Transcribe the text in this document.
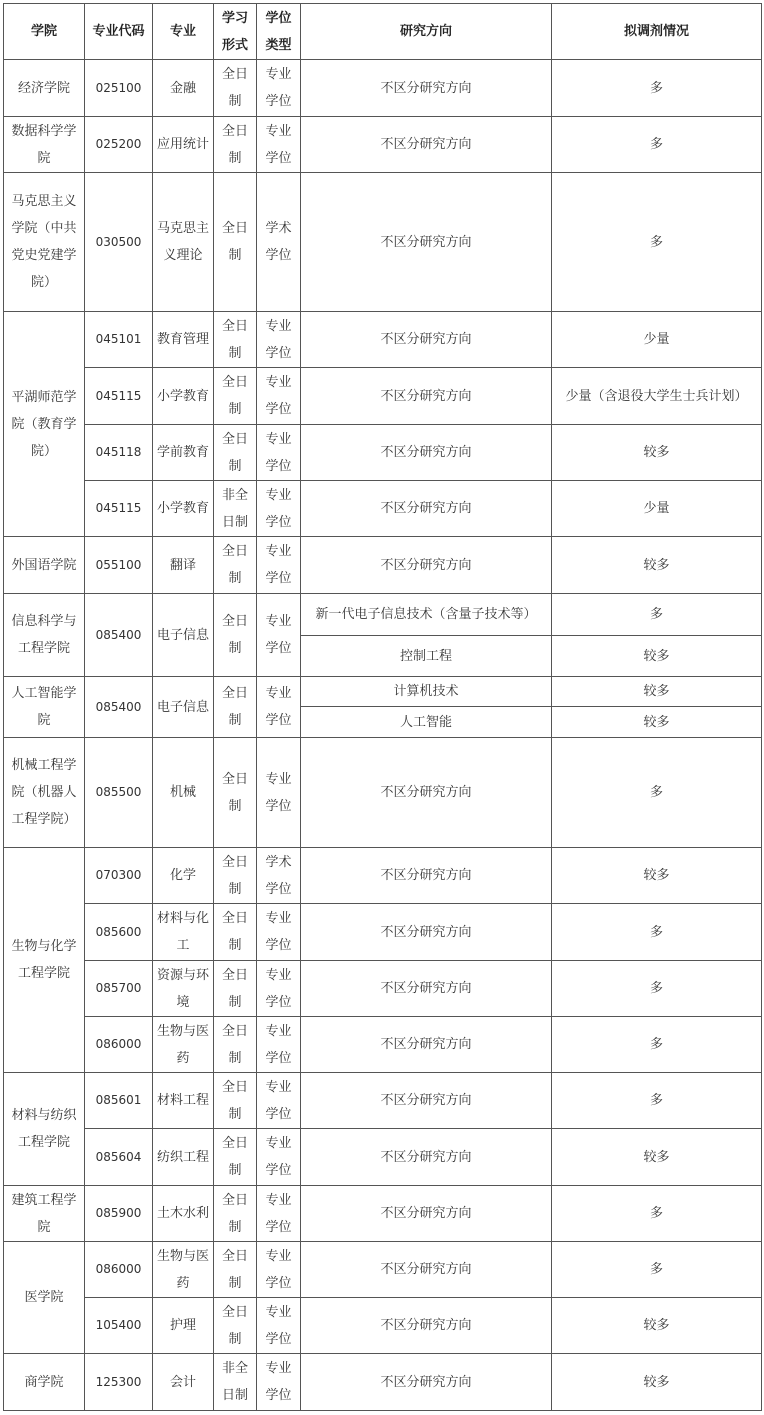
学院	专业代码	专业	学习形式	学位类型	研究方向	拟调剂情况
经济学院	025100	金融	全日制	专业学位	不区分研究方向	多
数据科学学院	025200	应用统计	全日制	专业学位	不区分研究方向	多
马克思主义学院（中共党史党建学院）	030500	马克思主义理论	全日制	学术学位	不区分研究方向	多
平湖师范学院（教育学院）	045101	教育管理	全日制	专业学位	不区分研究方向	少量
	045115	小学教育	全日制	专业学位	不区分研究方向	少量（含退役大学生士兵计划）
	045118	学前教育	全日制	专业学位	不区分研究方向	较多
	045115	小学教育	非全日制	专业学位	不区分研究方向	少量
外国语学院	055100	翻译	全日制	专业学位	不区分研究方向	较多
信息科学与工程学院	085400	电子信息	全日制	专业学位	新一代电子信息技术（含量子技术等）	多
					控制工程	较多
人工智能学院	085400	电子信息	全日制	专业学位	计算机技术	较多
					人工智能	较多
机械工程学院（机器人工程学院）	085500	机械	全日制	专业学位	不区分研究方向	多
生物与化学工程学院	070300	化学	全日制	学术学位	不区分研究方向	较多
	085600	材料与化工	全日制	专业学位	不区分研究方向	多
	085700	资源与环境	全日制	专业学位	不区分研究方向	多
	086000	生物与医药	全日制	专业学位	不区分研究方向	多
材料与纺织工程学院	085601	材料工程	全日制	专业学位	不区分研究方向	多
	085604	纺织工程	全日制	专业学位	不区分研究方向	较多
建筑工程学院	085900	土木水利	全日制	专业学位	不区分研究方向	多
医学院	086000	生物与医药	全日制	专业学位	不区分研究方向	多
	105400	护理	全日制	专业学位	不区分研究方向	较多
商学院	125300	会计	非全日制	专业学位	不区分研究方向	较多
